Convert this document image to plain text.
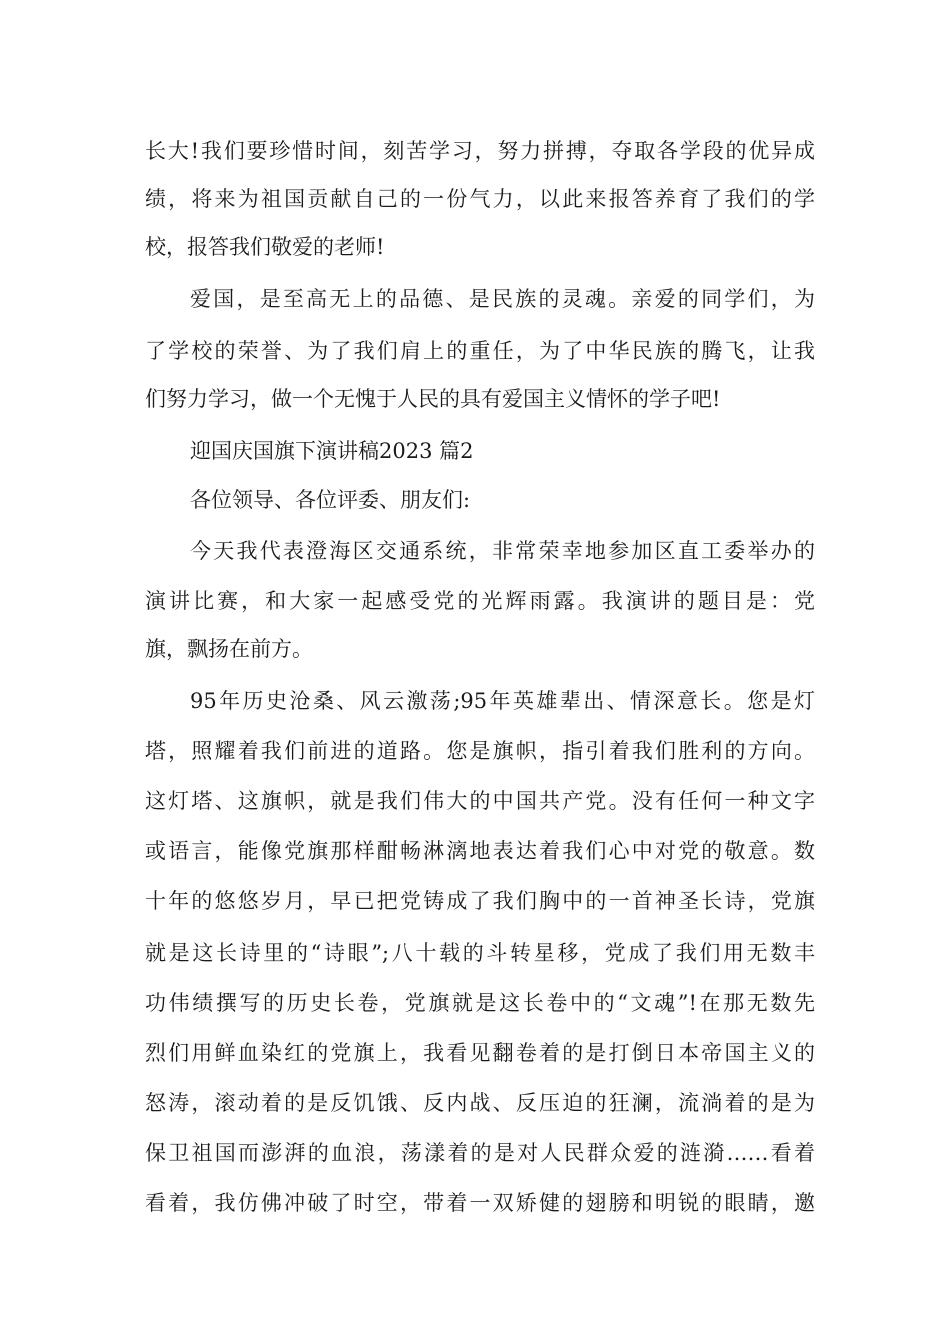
长大!我们要珍惜时间，刻苦学习，努力拼搏，夺取各学段的优异成
绩，将来为祖国贡献自己的一份气力，以此来报答养育了我们的学
校，报答我们敬爱的老师!
爱国，是至高无上的品德、是民族的灵魂。亲爱的同学们，为
了学校的荣誉、为了我们肩上的重任，为了中华民族的腾飞，让我
们努力学习，做一个无愧于人民的具有爱国主义情怀的学子吧!
迎国庆国旗下演讲稿2023 篇2
各位领导、各位评委、朋友们:
今天我代表澄海区交通系统，非常荣幸地参加区直工委举办的
演讲比赛，和大家一起感受党的光辉雨露。我演讲的题目是：党
旗，飘扬在前方。
95年历史沧桑、风云激荡;95年英雄辈出、情深意长。您是灯
塔，照耀着我们前进的道路。您是旗帜，指引着我们胜利的方向。
这灯塔、这旗帜，就是我们伟大的中国共产党。没有任何一种文字
或语言，能像党旗那样酣畅淋漓地表达着我们心中对党的敬意。数
十年的悠悠岁月，早已把党铸成了我们胸中的一首神圣长诗，党旗
就是这长诗里的“诗眼”;八十载的斗转星移，党成了我们用无数丰
功伟绩撰写的历史长卷，党旗就是这长卷中的“文魂”!在那无数先
烈们用鲜血染红的党旗上，我看见翻卷着的是打倒日本帝国主义的
怒涛，滚动着的是反饥饿、反内战、反压迫的狂澜，流淌着的是为
保卫祖国而澎湃的血浪，荡漾着的是对人民群众爱的涟漪……看着
看着，我仿佛冲破了时空，带着一双矫健的翅膀和明锐的眼睛，邀
